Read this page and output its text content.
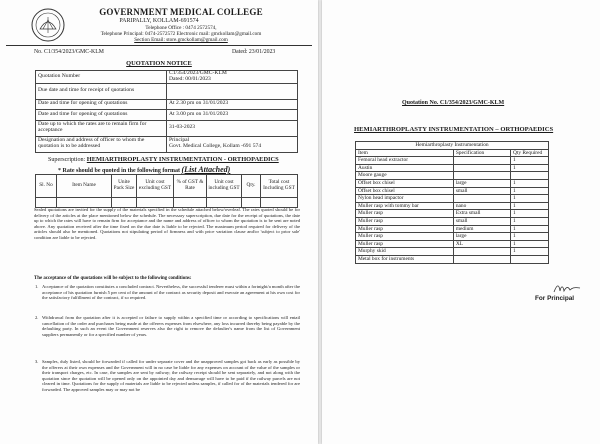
GOVERNMENT MEDICAL COLLEGE
PARIPALLY, KOLLAM-691574
Telephone Office : 0474 2572574,
Telephone Principal: 0474-2572572 Electronic mail: gmckollam@gmail.com
Section Email: store.gmckollam@gmail.com
No. C1/354/2023/GMC-KLM	Dated: 23/01/2023
QUOTATION NOTICE
Quotation Number	C1/354/2023/GMC-KLM
Dated: 00/01/2023

Due date and time for receipt of quotations	

Date and time for opening of quotations	At 2.30 pm on 31/01/2023
Date and time for opening of quotations	At 3.00 pm on 31/01/2023
Date up to which the rates are to remain firm for acceptance	31-03-2023
Designation and address of officer to whom the quotation is to be addressed	Principal
Govt. Medical College, Kollam -691 574
Superscription: HEMIARTHROPLASTY INSTRUMENTATION - ORTHOPAEDICS
* Rate should be quoted in the following format (List Attached)
Sl. No	Item Name	Unite Pack Size	Unit cost excluding GST	% of GST & Rate	Unit cost including GST	Qty.	Total cost Including GST

Sealed quotations are invited for the supply of the materials specified in the schedule attached below/overleaf. The rates quoted should be for delivery of the articles at the place mentioned below the schedule. The necessary superscription, due date for the receipt of quotations, the date up to which the rates will have to remain firm for acceptance and the name and address of officer to whom the quotation is to be sent are noted above. Any quotation received after the time fixed on the due date is liable to be rejected. The maximum period required for delivery of the articles should also be mentioned. Quotations not stipulating period of firmness and with price variation clause and/or 'subject to prior sale' condition are liable to be rejected.

The acceptance of the quotations will be subject to the following conditions:

1. Acceptance of the quotation constitutes a concluded contract. Nevertheless, the successful tenderer must within a fortnight/a month after the acceptance of his quotation furnish 5 per cent of the amount of the contract as security deposit and execute an agreement at his own cost for the satisfactory fulfillment of the contract, if so required.
2. Withdrawal from the quotation after it is accepted or failure to supply within a specified time or according to specifications will entail cancellation of the order and purchases being made at the offerers expenses from elsewhere, any loss incurred thereby being payable by the defaulting party. In such an event the Government reserves also the right to remove the defaulter's name from the list of Government suppliers permanently or for a specified number of years.
3. Samples, duly listed, should be forwarded if called for under separate cover and the unapproved samples got back as early as possible by the offerers at their own expenses and the Government will in no case be liable for any expenses on account of the value of the samples or their transport charges, etc. In case, the samples are sent by railway; the railway receipt should be sent separately, and not along with the quotation since the quotation will be opened only on the appointed day and demurrage will have to be paid if the railway parcels are not cleared in time. Quotations for the supply of materials are liable to be rejected unless samples, if called for of the materials tendered for are forwarded. The approved samples may or may not be
Quotation No. C1/354/2023/GMC-KLM
HEMIARTHROPLASTY INSTRUMENTATION – ORTHOPAEDICS
Hemiarthroplasty Instrumentation		
Item	Specification	Qty Required
Femoral head extractor		1
Austin		1
Moore gauge		
Offset box chisel	large	1
Offset box chisel	small	1
Nylon head impactor		1
Muller rasp with tommy bar	nano	1
Muller rasp	Extra small	1
Muller rasp	small	1
Muller rasp	medium	1
Muller rasp	large	1
Muller rasp	XL	1
Murphy skid		1
Metal box for instruments		
For Principal
